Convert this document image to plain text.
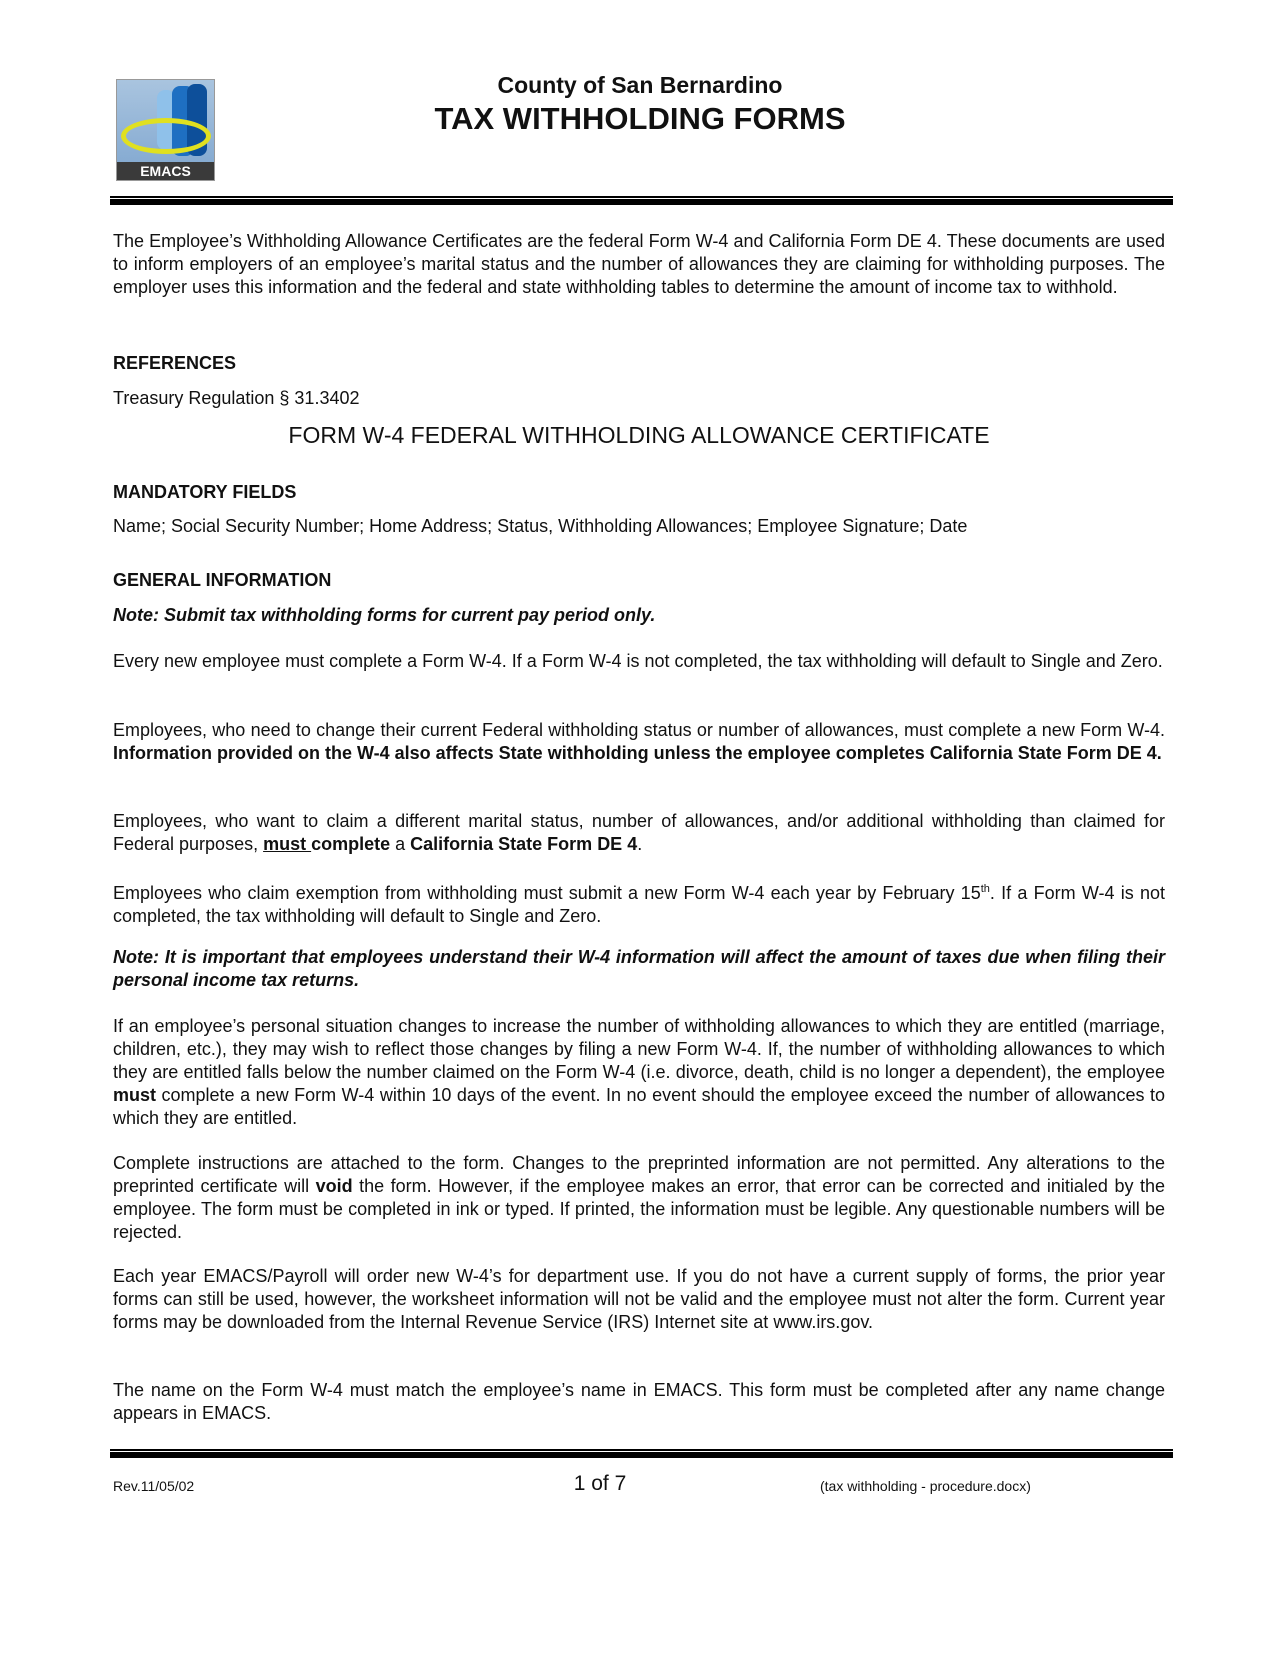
EMACS
County of San Bernardino
TAX WITHHOLDING FORMS
The Employee’s Withholding Allowance Certificates are the federal Form W-4 and California Form DE 4. These documents are used to inform employers of an employee’s marital status and the number of allowances they are claiming for withholding purposes. The employer uses this information and the federal and state withholding tables to determine the amount of income tax to withhold.
REFERENCES
Treasury Regulation § 31.3402
FORM W-4 FEDERAL WITHHOLDING ALLOWANCE CERTIFICATE
MANDATORY FIELDS
Name; Social Security Number; Home Address; Status, Withholding Allowances; Employee Signature; Date
GENERAL INFORMATION
Note: Submit tax withholding forms for current pay period only.
Every new employee must complete a Form W-4. If a Form W-4 is not completed, the tax withholding will default to Single and Zero.
Employees, who need to change their current Federal withholding status or number of allowances, must complete a new Form W-4. Information provided on the W-4 also affects State withholding unless the employee completes California State Form DE 4.
Employees, who want to claim a different marital status, number of allowances, and/or additional withholding than claimed for Federal purposes, must complete a California State Form DE 4.
Employees who claim exemption from withholding must submit a new Form W-4 each year by February 15th. If a Form W-4 is not completed, the tax withholding will default to Single and Zero.
Note: It is important that employees understand their W-4 information will affect the amount of taxes due when filing their personal income tax returns.
If an employee’s personal situation changes to increase the number of withholding allowances to which they are entitled (marriage, children, etc.), they may wish to reflect those changes by filing a new Form W-4. If, the number of withholding allowances to which they are entitled falls below the number claimed on the Form W-4 (i.e. divorce, death, child is no longer a dependent), the employee must complete a new Form W-4 within 10 days of the event. In no event should the employee exceed the number of allowances to which they are entitled.
Complete instructions are attached to the form. Changes to the preprinted information are not permitted. Any alterations to the preprinted certificate will void the form. However, if the employee makes an error, that error can be corrected and initialed by the employee. The form must be completed in ink or typed. If printed, the information must be legible. Any questionable numbers will be rejected.
Each year EMACS/Payroll will order new W-4’s for department use. If you do not have a current supply of forms, the prior year forms can still be used, however, the worksheet information will not be valid and the employee must not alter the form. Current year forms may be downloaded from the Internal Revenue Service (IRS) Internet site at www.irs.gov.
The name on the Form W-4 must match the employee’s name in EMACS. This form must be completed after any name change appears in EMACS.
Rev.11/05/02	1 of 7	(tax withholding - procedure.docx)
